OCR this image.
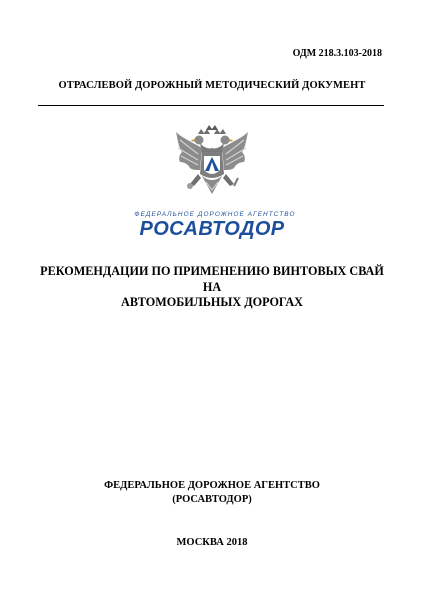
ОДМ 218.3.103-2018
ОТРАСЛЕВОЙ ДОРОЖНЫЙ МЕТОДИЧЕСКИЙ ДОКУМЕНТ
ФЕДЕРАЛЬНОЕ ДОРОЖНОЕ АГЕНТСТВО
РОСАВТОДОР
РЕКОМЕНДАЦИИ ПО ПРИМЕНЕНИЮ ВИНТОВЫХ СВАЙ НА
АВТОМОБИЛЬНЫХ ДОРОГАХ
ФЕДЕРАЛЬНОЕ ДОРОЖНОЕ АГЕНТСТВО
(РОСАВТОДОР)
МОСКВА 2018
